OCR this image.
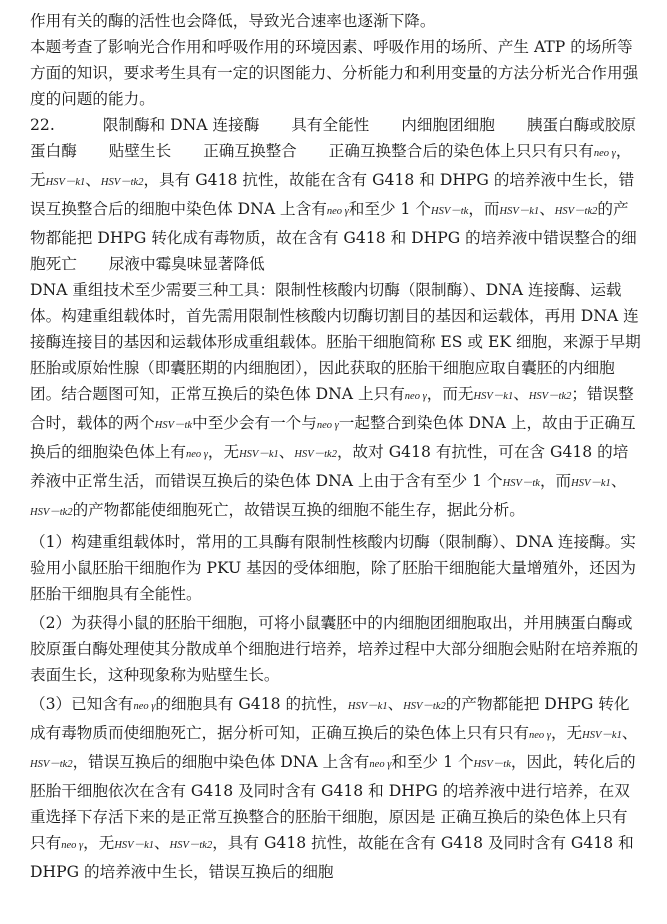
作用有关的酶的活性也会降低，导致光合速率也逐渐下降。

本题考查了影响光合作用和呼吸作用的环境因素、呼吸作用的场所、产生 ATP 的场所等方面的知识，要求考生具有一定的识图能力、分析能力和利用变量的方法分析光合作用强度的问题的能力。

22.	限制酶和 DNA 连接酶 具有全能性 内细胞团细胞 胰蛋白酶或胶原蛋白酶 贴壁生长 正确互换整合 正确互换整合后的染色体上只只有只有neo γ，无HSV－k1、HSV－tk2，具有 G418 抗性，故能在含有 G418 和 DHPG 的培养液中生长，错误互换整合后的细胞中染色体 DNA 上含有neo γ和至少 1 个HSV－tk，而HSV－k1、HSV－tk2的产物都能把 DHPG 转化成有毒物质，故在含有 G418 和 DHPG 的培养液中错误整合的细胞死亡 尿液中霉臭味显著降低

DNA 重组技术至少需要三种工具：限制性核酸内切酶（限制酶）、DNA 连接酶、运载体。构建重组载体时，首先需用限制性核酸内切酶切割目的基因和运载体，再用 DNA 连接酶连接目的基因和运载体形成重组载体。胚胎干细胞简称 ES 或 EK 细胞，来源于早期胚胎或原始性腺（即囊胚期的内细胞团），因此获取的胚胎干细胞应取自囊胚的内细胞团。结合题图可知，正常互换后的染色体 DNA 上只有neo γ，而无HSV－k1、HSV－tk2；错误整合时，载体的两个HSV－tk中至少会有一个与neo γ一起整合到染色体 DNA 上，故由于正确互换后的细胞染色体上有neo γ，无HSV－k1、HSV－tk2，故对 G418 有抗性，可在含 G418 的培养液中正常生活，而错误互换后的染色体 DNA 上由于含有至少 1 个HSV－tk，而HSV－k1、HSV－tk2的产物都能使细胞死亡，故错误互换的细胞不能生存，据此分析。

（1）构建重组载体时，常用的工具酶有限制性核酸内切酶（限制酶）、DNA 连接酶。实验用小鼠胚胎干细胞作为 PKU 基因的受体细胞，除了胚胎干细胞能大量增殖外，还因为胚胎干细胞具有全能性。

（2）为获得小鼠的胚胎干细胞，可将小鼠囊胚中的内细胞团细胞取出，并用胰蛋白酶或胶原蛋白酶处理使其分散成单个细胞进行培养，培养过程中大部分细胞会贴附在培养瓶的表面生长，这种现象称为贴壁生长。

（3）已知含有neo γ的细胞具有 G418 的抗性，HSV－k1、HSV－tk2的产物都能把 DHPG 转化成有毒物质而使细胞死亡，据分析可知，正确互换后的染色体上只有只有neo γ，无HSV－k1、HSV－tk2，错误互换后的细胞中染色体 DNA 上含有neo γ和至少 1 个HSV－tk，因此，转化后的胚胎干细胞依次在含有 G418 及同时含有 G418 和 DHPG 的培养液中进行培养，在双重选择下存活下来的是正常互换整合的胚胎干细胞，原因是 正确互换后的染色体上只有只有neo γ，无HSV－k1、HSV－tk2，具有 G418 抗性，故能在含有 G418 及同时含有 G418 和 DHPG 的培养液中生长，错误互换后的细胞
